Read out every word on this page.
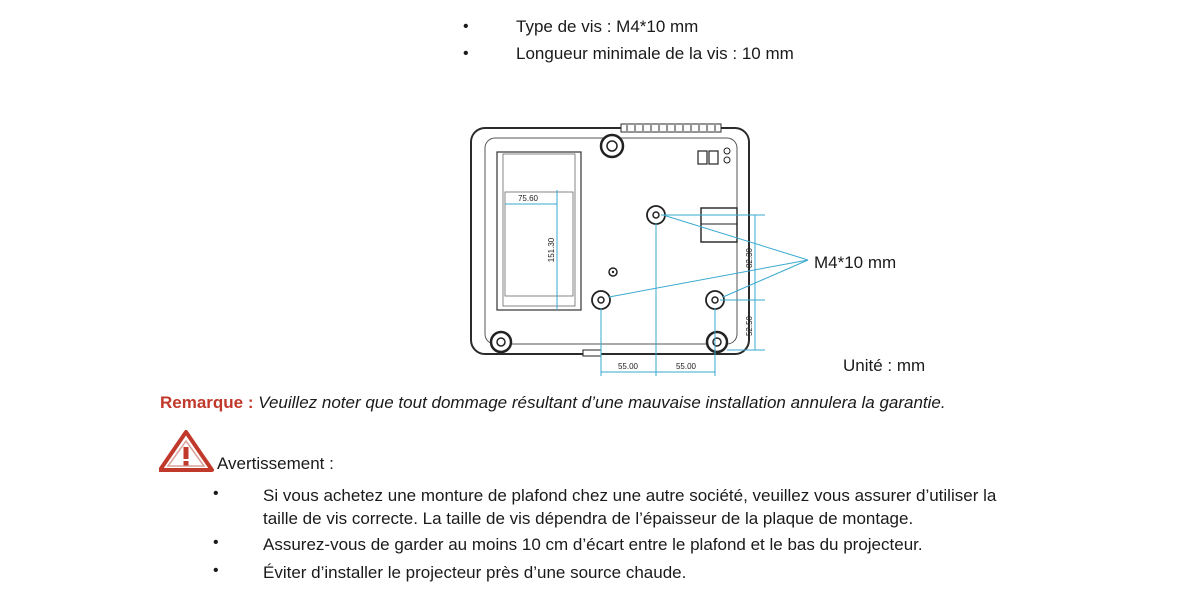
•	Type de vis : M4*10 mm
•	Longueur minimale de la vis : 10 mm
75.60
151.30	82.30
52.50
55.00	55.00
M4*10 mm
Unité : mm
Remarque : Veuillez noter que tout dommage résultant d’une mauvaise installation annulera la garantie.
Avertissement :
•	Si vous achetez une monture de plafond chez une autre société, veuillez vous assurer d’utiliser la
taille de vis correcte. La taille de vis dépendra de l’épaisseur de la plaque de montage.
•	Assurez-vous de garder au moins 10 cm d’écart entre le plafond et le bas du projecteur.
•	Éviter d’installer le projecteur près d’une source chaude.
